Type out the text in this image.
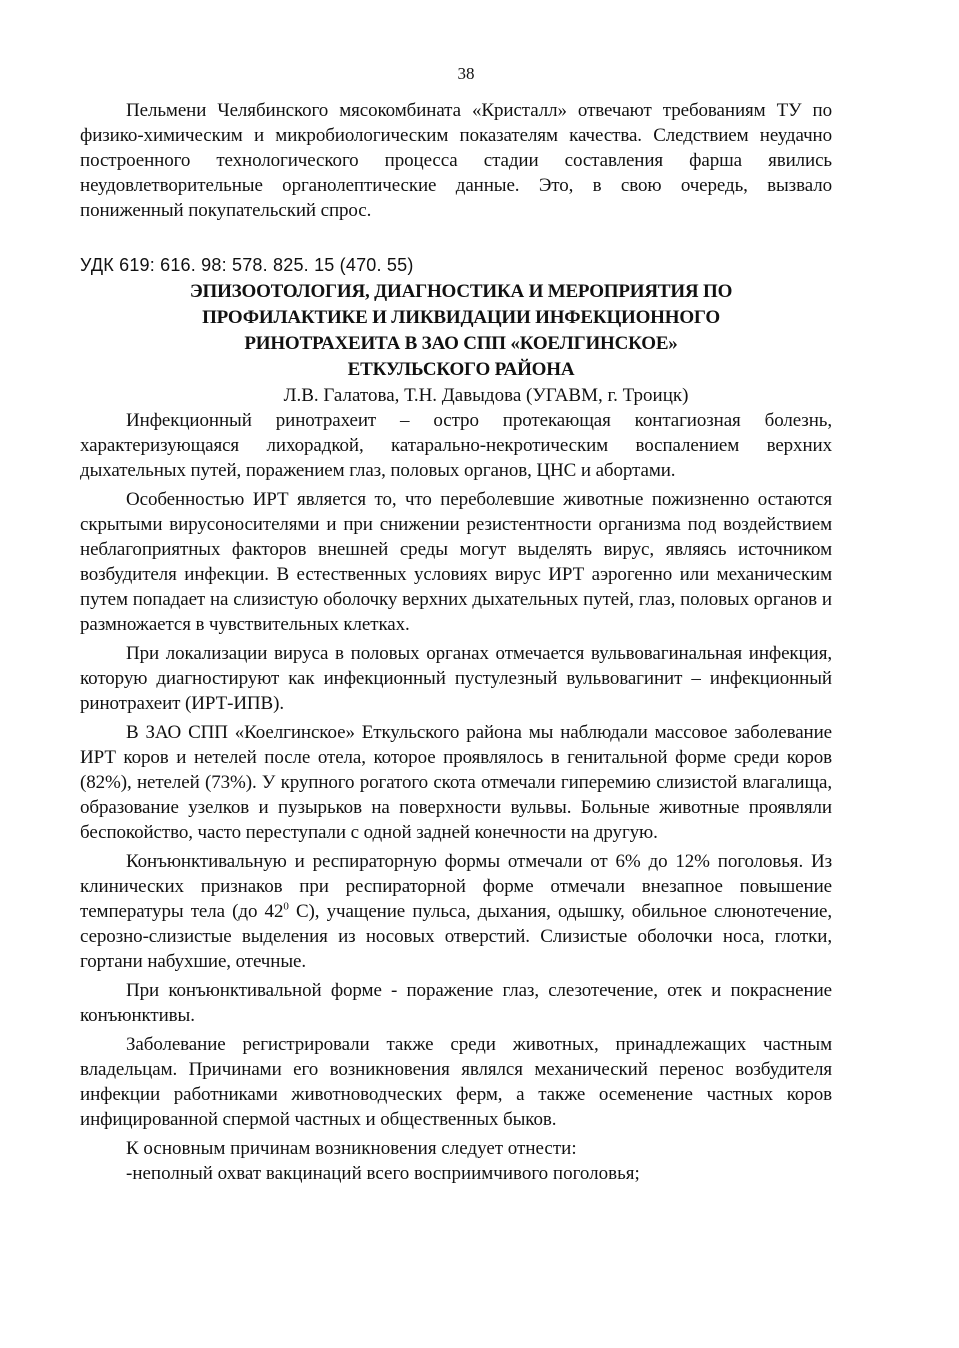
38

Пельмени Челябинского мясокомбината «Кристалл» отвечают требованиям ТУ по физико-химическим и микробиологическим показателям качества. Следствием неудачно построенного технологического процесса стадии составления фарша явились неудовлетворительные органолептические данные. Это, в свою очередь, вызвало пониженный покупательский спрос.

УДК 619: 616. 98: 578. 825. 15 (470. 55)
ЭПИЗООТОЛОГИЯ, ДИАГНОСТИКА И МЕРОПРИЯТИЯ ПО
ПРОФИЛАКТИКЕ И ЛИКВИДАЦИИ ИНФЕКЦИОННОГО
РИНОТРАХЕИТА В ЗАО СПП «КОЕЛГИНСКОЕ»
ЕТКУЛЬСКОГО РАЙОНА
Л.В. Галатова, Т.Н. Давыдова (УГАВМ, г. Троицк)

Инфекционный ринотрахеит – остро протекающая контагиозная болезнь, характеризующаяся лихорадкой, катарально-некротическим воспалением верхних дыхательных путей, поражением глаз, половых органов, ЦНС и абортами.

Особенностью ИРТ является то, что переболевшие животные пожизненно остаются скрытыми вирусоносителями и при снижении резистентности организма под воздействием неблагоприятных факторов внешней среды могут выделять вирус, являясь источником возбудителя инфекции. В естественных условиях вирус ИРТ аэрогенно или механическим путем попадает на слизистую оболочку верхних дыхательных путей, глаз, половых органов и размножается в чувствительных клетках.

При локализации вируса в половых органах отмечается вульвовагинальная инфекция, которую диагностируют как инфекционный пустулезный вульвовагинит – инфекционный ринотрахеит (ИРТ-ИПВ).

В ЗАО СПП «Коелгинское» Еткульского района мы наблюдали массовое заболевание ИРТ коров и нетелей после отела, которое проявлялось в генитальной форме среди коров (82%), нетелей (73%). У крупного рогатого скота отмечали гиперемию слизистой влагалища, образование узелков и пузырьков на поверхности вульвы. Больные животные проявляли беспокойство, часто переступали с одной задней конечности на другую.

Конъюнктивальную и респираторную формы отмечали от 6% до 12% поголовья. Из клинических признаков при респираторной форме отмечали внезапное повышение температуры тела (до $42^0$ С), учащение пульса, дыхания, одышку, обильное слюнотечение, серозно-слизистые выделения из носовых отверстий. Слизистые оболочки носа, глотки, гортани набухшие, отечные.

При конъюнктивальной форме - поражение глаз, слезотечение, отек и покраснение конъюнктивы.

Заболевание регистрировали также среди животных, принадлежащих частным владельцам. Причинами его возникновения являлся механический перенос возбудителя инфекции работниками животноводческих ферм, а также осеменение частных коров инфицированной спермой частных и общественных быков.

К основным причинам возникновения следует отнести:
-неполный охват вакцинаций всего восприимчивого поголовья;
